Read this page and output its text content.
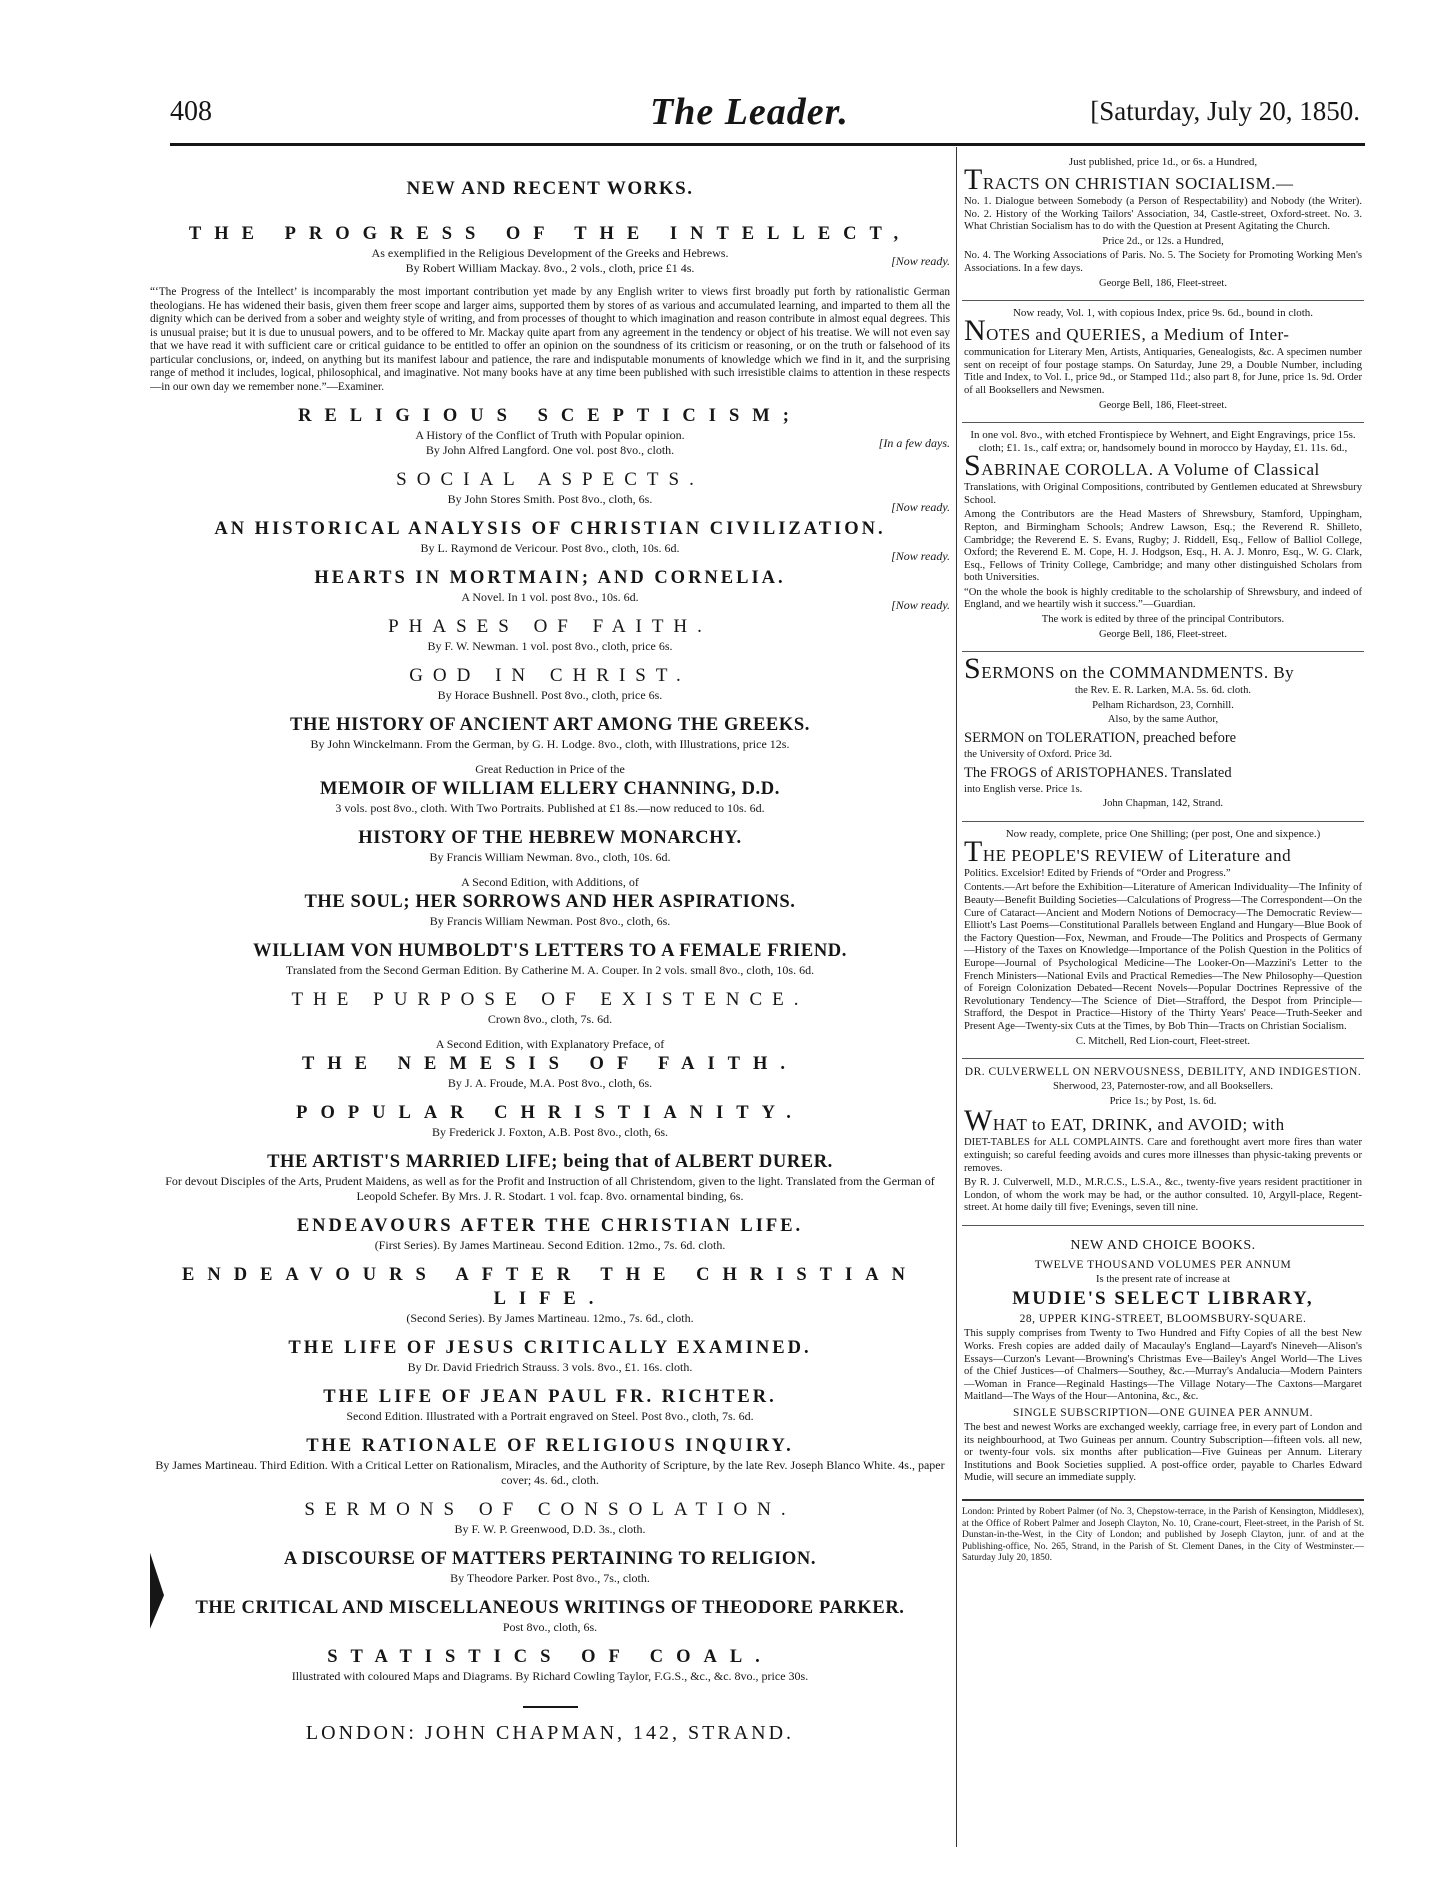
408	The Leader.	[Saturday, July 20, 1850.
NEW AND RECENT WORKS.
THE PROGRESS OF THE INTELLECT,
As exemplified in the Religious Development of the Greeks and Hebrews.
By Robert William Mackay. 8vo., 2 vols., cloth, price £1 4s.	[Now ready.
“‘The Progress of the Intellect’ is incomparably the most important contribution yet made by any English writer to views first broadly put forth by rationalistic German theologians. He has widened their basis, given them freer scope and larger aims, supported them by stores of as various and accumulated learning, and imparted to them all the dignity which can be derived from a sober and weighty style of writing, and from processes of thought to which imagination and reason contribute in almost equal degrees. This is unusual praise; but it is due to unusual powers, and to be offered to Mr. Mackay quite apart from any agreement in the tendency or object of his treatise. We will not even say that we have read it with sufficient care or critical guidance to be entitled to offer an opinion on the soundness of its criticism or reasoning, or on the truth or falsehood of its particular conclusions, or, indeed, on anything but its manifest labour and patience, the rare and indisputable monuments of knowledge which we find in it, and the surprising range of method it includes, logical, philosophical, and imaginative. Not many books have at any time been published with such irresistible claims to attention in these respects—in our own day we remember none.”—Examiner.
RELIGIOUS SCEPTICISM;
A History of the Conflict of Truth with Popular opinion.
By John Alfred Langford. One vol. post 8vo., cloth.	[In a few days.
SOCIAL ASPECTS.
By John Stores Smith. Post 8vo., cloth, 6s.
[Now ready.
AN HISTORICAL ANALYSIS OF CHRISTIAN CIVILIZATION.
By L. Raymond de Vericour. Post 8vo., cloth, 10s. 6d.
[Now ready.
HEARTS IN MORTMAIN; AND CORNELIA.
A Novel. In 1 vol. post 8vo., 10s. 6d.
[Now ready.
PHASES OF FAITH.
By F. W. Newman. 1 vol. post 8vo., cloth, price 6s.
GOD IN CHRIST.
By Horace Bushnell. Post 8vo., cloth, price 6s.
THE HISTORY OF ANCIENT ART AMONG THE GREEKS.
By John Winckelmann. From the German, by G. H. Lodge. 8vo., cloth, with Illustrations, price 12s.
Great Reduction in Price of the
MEMOIR OF WILLIAM ELLERY CHANNING, D.D.
3 vols. post 8vo., cloth. With Two Portraits. Published at £1 8s.—now reduced to 10s. 6d.
HISTORY OF THE HEBREW MONARCHY.
By Francis William Newman. 8vo., cloth, 10s. 6d.
A Second Edition, with Additions, of
THE SOUL; HER SORROWS AND HER ASPIRATIONS.
By Francis William Newman. Post 8vo., cloth, 6s.
WILLIAM VON HUMBOLDT'S LETTERS TO A FEMALE FRIEND.
Translated from the Second German Edition. By Catherine M. A. Couper. In 2 vols. small 8vo., cloth, 10s. 6d.
THE PURPOSE OF EXISTENCE.
Crown 8vo., cloth, 7s. 6d.
A Second Edition, with Explanatory Preface, of
THE NEMESIS OF FAITH.
By J. A. Froude, M.A. Post 8vo., cloth, 6s.
POPULAR CHRISTIANITY.
By Frederick J. Foxton, A.B. Post 8vo., cloth, 6s.
THE ARTIST'S MARRIED LIFE; being that of ALBERT DURER.
For devout Disciples of the Arts, Prudent Maidens, as well as for the Profit and Instruction of all Christendom, given to the light. Translated from the German of Leopold Schefer. By Mrs. J. R. Stodart. 1 vol. fcap. 8vo. ornamental binding, 6s.
ENDEAVOURS AFTER THE CHRISTIAN LIFE.
(First Series). By James Martineau. Second Edition. 12mo., 7s. 6d. cloth.
ENDEAVOURS AFTER THE CHRISTIAN LIFE.
(Second Series). By James Martineau. 12mo., 7s. 6d., cloth.
THE LIFE OF JESUS CRITICALLY EXAMINED.
By Dr. David Friedrich Strauss. 3 vols. 8vo., £1. 16s. cloth.
THE LIFE OF JEAN PAUL FR. RICHTER.
Second Edition. Illustrated with a Portrait engraved on Steel. Post 8vo., cloth, 7s. 6d.
THE RATIONALE OF RELIGIOUS INQUIRY.
By James Martineau. Third Edition. With a Critical Letter on Rationalism, Miracles, and the Authority of Scripture, by the late Rev. Joseph Blanco White. 4s., paper cover; 4s. 6d., cloth.
SERMONS OF CONSOLATION.
By F. W. P. Greenwood, D.D. 3s., cloth.
A DISCOURSE OF MATTERS PERTAINING TO RELIGION.
By Theodore Parker. Post 8vo., 7s., cloth.
THE CRITICAL AND MISCELLANEOUS WRITINGS OF THEODORE PARKER.
Post 8vo., cloth, 6s.
STATISTICS OF COAL.
Illustrated with coloured Maps and Diagrams. By Richard Cowling Taylor, F.G.S., &c., &c. 8vo., price 30s.
LONDON: JOHN CHAPMAN, 142, STRAND.
Just published, price 1d., or 6s. a Hundred,
TRACTS ON CHRISTIAN SOCIALISM.—
No. 1. Dialogue between Somebody (a Person of Respectability) and Nobody (the Writer). No. 2. History of the Working Tailors' Association, 34, Castle-street, Oxford-street. No. 3. What Christian Socialism has to do with the Question at Present Agitating the Church.
Price 2d., or 12s. a Hundred,
No. 4. The Working Associations of Paris. No. 5. The Society for Promoting Working Men's Associations. In a few days.
George Bell, 186, Fleet-street.
Now ready, Vol. 1, with copious Index, price 9s. 6d., bound in cloth.
NOTES and QUERIES, a Medium of Inter-
communication for Literary Men, Artists, Antiquaries, Genealogists, &c. A specimen number sent on receipt of four postage stamps. On Saturday, June 29, a Double Number, including Title and Index, to Vol. I., price 9d., or Stamped 11d.; also part 8, for June, price 1s. 9d. Order of all Booksellers and Newsmen.
George Bell, 186, Fleet-street.
In one vol. 8vo., with etched Frontispiece by Wehnert, and Eight Engravings, price 15s. cloth; £1. 1s., calf extra; or, handsomely bound in morocco by Hayday, £1. 11s. 6d.,
SABRINAE COROLLA. A Volume of Classical
Translations, with Original Compositions, contributed by Gentlemen educated at Shrewsbury School.
Among the Contributors are the Head Masters of Shrewsbury, Stamford, Uppingham, Repton, and Birmingham Schools; Andrew Lawson, Esq.; the Reverend R. Shilleto, Cambridge; the Reverend E. S. Evans, Rugby; J. Riddell, Esq., Fellow of Balliol College, Oxford; the Reverend E. M. Cope, H. J. Hodgson, Esq., H. A. J. Monro, Esq., W. G. Clark, Esq., Fellows of Trinity College, Cambridge; and many other distinguished Scholars from both Universities.
“On the whole the book is highly creditable to the scholarship of Shrewsbury, and indeed of England, and we heartily wish it success.”—Guardian.
The work is edited by three of the principal Contributors.
George Bell, 186, Fleet-street.
SERMONS on the COMMANDMENTS. By
the Rev. E. R. Larken, M.A. 5s. 6d. cloth.
Pelham Richardson, 23, Cornhill.
Also, by the same Author,
SERMON on TOLERATION, preached before
the University of Oxford. Price 3d.
The FROGS of ARISTOPHANES. Translated
into English verse. Price 1s.
John Chapman, 142, Strand.
Now ready, complete, price One Shilling; (per post, One and sixpence.)
THE PEOPLE'S REVIEW of Literature and
Politics. Excelsior! Edited by Friends of “Order and Progress.”
Contents.—Art before the Exhibition—Literature of American Individuality—The Infinity of Beauty—Benefit Building Societies—Calculations of Progress—The Correspondent—On the Cure of Cataract—Ancient and Modern Notions of Democracy—The Democratic Review—Elliott's Last Poems—Constitutional Parallels between England and Hungary—Blue Book of the Factory Question—Fox, Newman, and Froude—The Politics and Prospects of Germany—History of the Taxes on Knowledge—Importance of the Polish Question in the Politics of Europe—Journal of Psychological Medicine—The Looker-On—Mazzini's Letter to the French Ministers—National Evils and Practical Remedies—The New Philosophy—Question of Foreign Colonization Debated—Recent Novels—Popular Doctrines Repressive of the Revolutionary Tendency—The Science of Diet—Strafford, the Despot from Principle—Strafford, the Despot in Practice—History of the Thirty Years' Peace—Truth-Seeker and Present Age—Twenty-six Cuts at the Times, by Bob Thin—Tracts on Christian Socialism.
C. Mitchell, Red Lion-court, Fleet-street.
DR. CULVERWELL ON NERVOUSNESS, DEBILITY, AND INDIGESTION.
Sherwood, 23, Paternoster-row, and all Booksellers.
Price 1s.; by Post, 1s. 6d.
WHAT to EAT, DRINK, and AVOID; with
DIET-TABLES for ALL COMPLAINTS. Care and forethought avert more fires than water extinguish; so careful feeding avoids and cures more illnesses than physic-taking prevents or removes.
By R. J. Culverwell, M.D., M.R.C.S., L.S.A., &c., twenty-five years resident practitioner in London, of whom the work may be had, or the author consulted. 10, Argyll-place, Regent-street. At home daily till five; Evenings, seven till nine.
NEW AND CHOICE BOOKS.
TWELVE THOUSAND VOLUMES PER ANNUM
Is the present rate of increase at
MUDIE'S SELECT LIBRARY,
28, UPPER KING-STREET, BLOOMSBURY-SQUARE.
This supply comprises from Twenty to Two Hundred and Fifty Copies of all the best New Works. Fresh copies are added daily of Macaulay's England—Layard's Nineveh—Alison's Essays—Curzon's Levant—Browning's Christmas Eve—Bailey's Angel World—The Lives of the Chief Justices—of Chalmers—Southey, &c.—Murray's Andalucia—Modern Painters—Woman in France—Reginald Hastings—The Village Notary—The Caxtons—Margaret Maitland—The Ways of the Hour—Antonina, &c., &c.
SINGLE SUBSCRIPTION—ONE GUINEA PER ANNUM.
The best and newest Works are exchanged weekly, carriage free, in every part of London and its neighbourhood, at Two Guineas per annum. Country Subscription—fifteen vols. all new, or twenty-four vols. six months after publication—Five Guineas per Annum. Literary Institutions and Book Societies supplied. A post-office order, payable to Charles Edward Mudie, will secure an immediate supply.
London: Printed by Robert Palmer (of No. 3, Chepstow-terrace, in the Parish of Kensington, Middlesex), at the Office of Robert Palmer and Joseph Clayton, No. 10, Crane-court, Fleet-street, in the Parish of St. Dunstan-in-the-West, in the City of London; and published by Joseph Clayton, junr. of and at the Publishing-office, No. 265, Strand, in the Parish of St. Clement Danes, in the City of Westminster.—Saturday July 20, 1850.
